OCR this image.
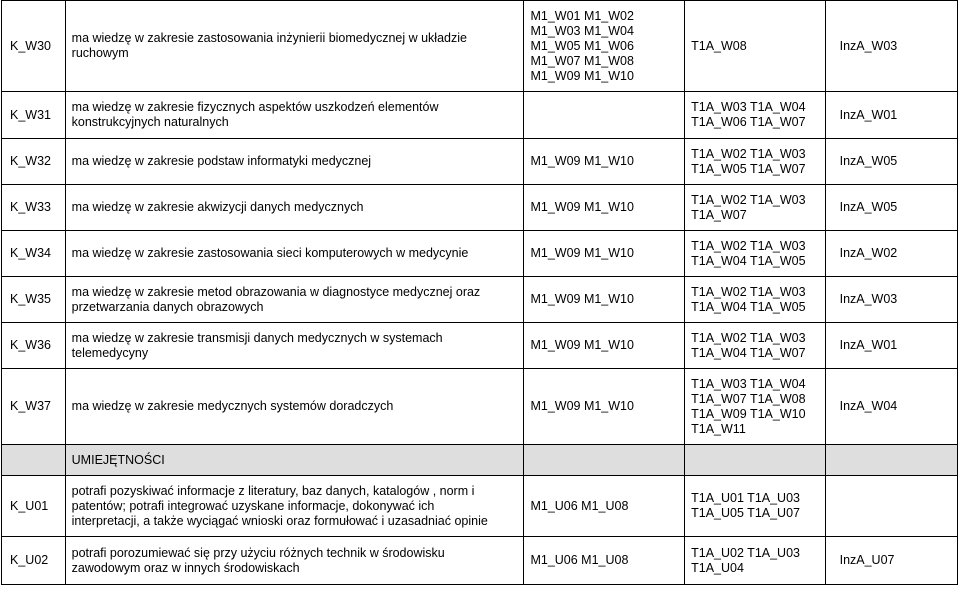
K_W30	ma wiedzę w zakresie zastosowania inżynierii biomedycznej w układzie
ruchowym	M1_W01 M1_W02
M1_W03 M1_W04
M1_W05 M1_W06
M1_W07 M1_W08
M1_W09 M1_W10	T1A_W08	InzA_W03
K_W31	ma wiedzę w zakresie fizycznych aspektów uszkodzeń elementów
konstrukcyjnych naturalnych		T1A_W03 T1A_W04
T1A_W06 T1A_W07	InzA_W01
K_W32	ma wiedzę w zakresie podstaw informatyki medycznej	M1_W09 M1_W10	T1A_W02 T1A_W03
T1A_W05 T1A_W07	InzA_W05
K_W33	ma wiedzę w zakresie akwizycji danych medycznych	M1_W09 M1_W10	T1A_W02 T1A_W03
T1A_W07	InzA_W05
K_W34	ma wiedzę w zakresie zastosowania sieci komputerowych w medycynie	M1_W09 M1_W10	T1A_W02 T1A_W03
T1A_W04 T1A_W05	InzA_W02
K_W35	ma wiedzę w zakresie metod obrazowania w diagnostyce medycznej oraz
przetwarzania danych obrazowych	M1_W09 M1_W10	T1A_W02 T1A_W03
T1A_W04 T1A_W05	InzA_W03
K_W36	ma wiedzę w zakresie transmisji danych medycznych w systemach
telemedycyny	M1_W09 M1_W10	T1A_W02 T1A_W03
T1A_W04 T1A_W07	InzA_W01
K_W37	ma wiedzę w zakresie medycznych systemów doradczych	M1_W09 M1_W10	T1A_W03 T1A_W04
T1A_W07 T1A_W08
T1A_W09 T1A_W10
T1A_W11	InzA_W04
	UMIEJĘTNOŚCI			
K_U01	potrafi pozyskiwać informacje z literatury, baz danych, katalogów , norm i
patentów; potrafi integrować uzyskane informacje, dokonywać ich
interpretacji, a także wyciągać wnioski oraz formułować i uzasadniać opinie	M1_U06 M1_U08	T1A_U01 T1A_U03
T1A_U05 T1A_U07	

K_U02	potrafi porozumiewać się przy użyciu różnych technik w środowisku
zawodowym oraz w innych środowiskach	M1_U06 M1_U08	T1A_U02 T1A_U03
T1A_U04	InzA_U07
